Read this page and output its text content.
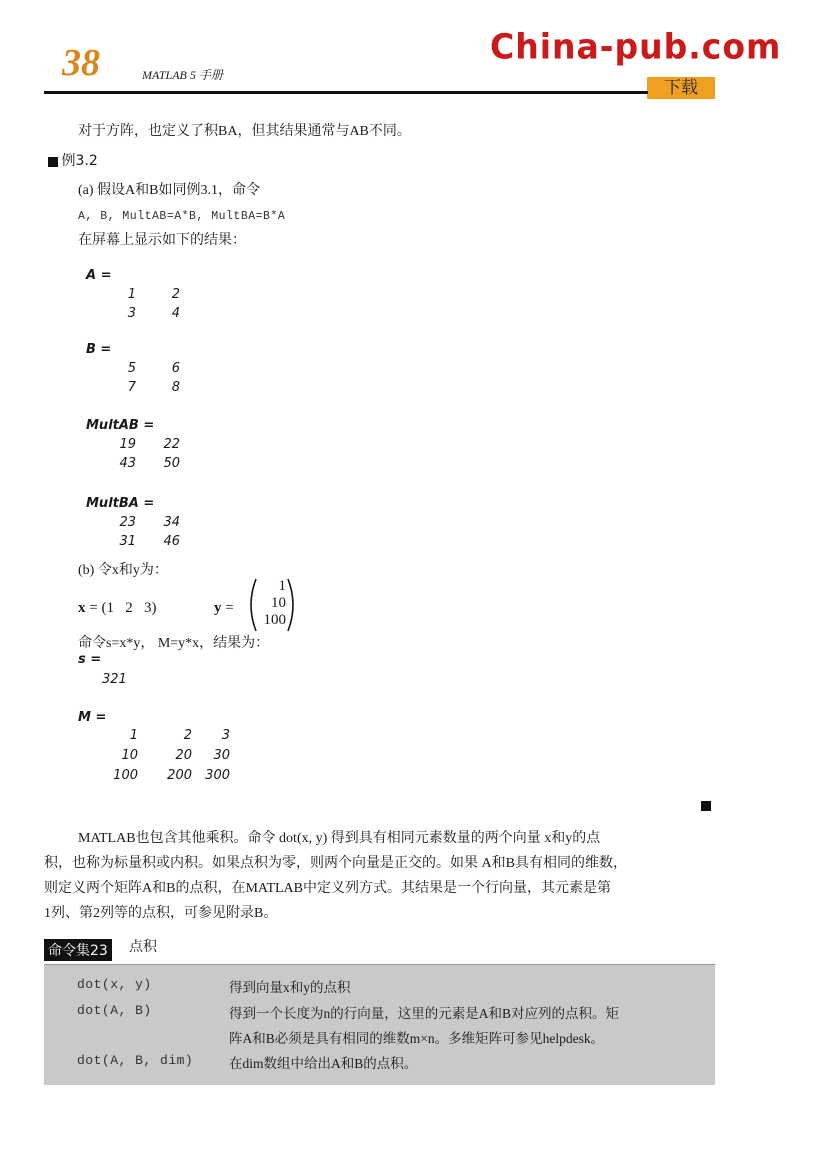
38	MATLAB 5 手册
China-pub.com
下载
对于方阵，也定义了积BA，但其结果通常与AB不同。
例3.2
(a) 假设A和B如同例3.1，命令
A, B, MultAB=A*B, MultBA=B*A
在屏幕上显示如下的结果：
A =
1	2
3	4
B =
5	6
7	8
MultAB =
19	22
43	50
MultBA =
23	34
31	46
(b) 令x和y为：
x = (1 2 3)	y =
1
10
100
命令s=x*y， M=y*x，结果为：
s =
321
M =
1	2	3
10	20	30
100	200	300
MATLAB也包含其他乘积。命令 dot(x, y) 得到具有相同元素数量的两个向量 x和y的点
积，也称为标量积或内积。如果点积为零，则两个向量是正交的。如果 A和B具有相同的维数，
则定义两个矩阵A和B的点积，在MATLAB中定义列方式。其结果是一个行向量，其元素是第
1列、第2列等的点积，可参见附录B。
命令集23 点积
dot(x, y)	得到向量x和y的点积
dot(A, B)	得到一个长度为n的行向量，这里的元素是A和B对应列的点积。矩
阵A和B必须是具有相同的维数m×n。多维矩阵可参见helpdesk。
dot(A, B, dim)	在dim数组中给出A和B的点积。
